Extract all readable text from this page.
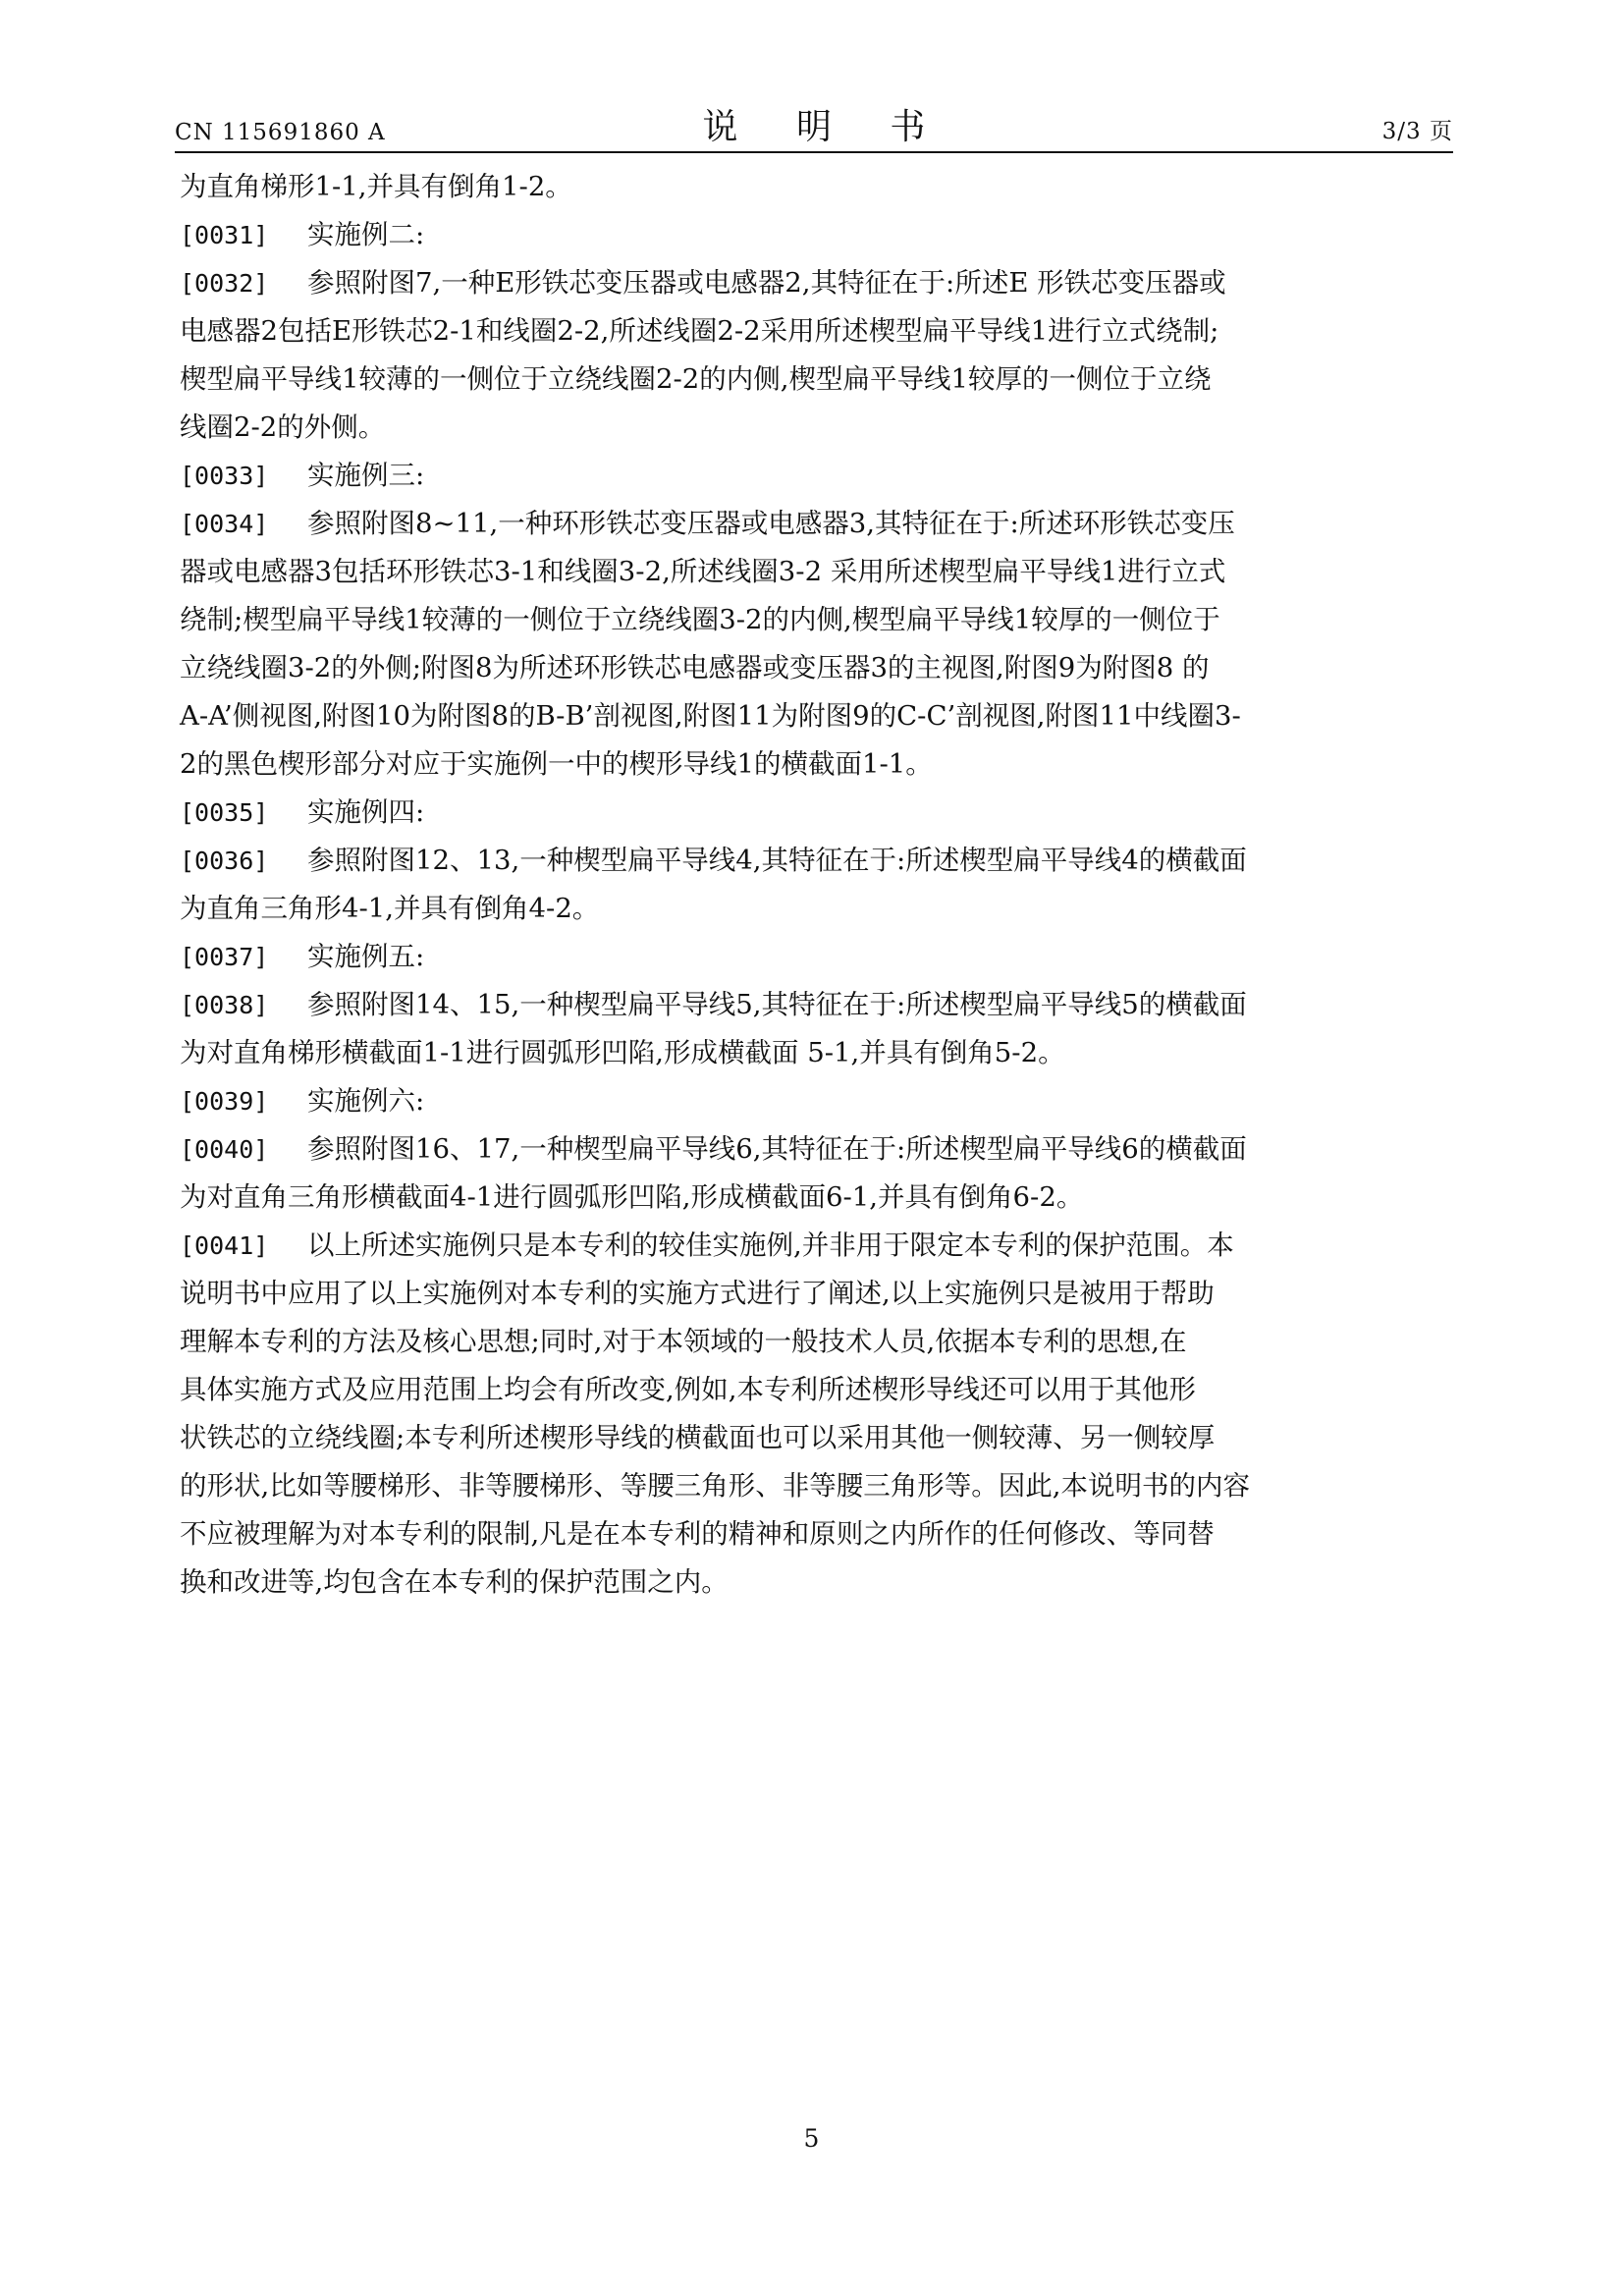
CN 115691860 A	说 明 书	3/3 页
为直角梯形1-1,并具有倒角1-2。
[0031] 实施例二:
[0032] 参照附图7,一种E形铁芯变压器或电感器2,其特征在于:所述E 形铁芯变压器或
电感器2包括E形铁芯2-1和线圈2-2,所述线圈2-2采用所述楔型扁平导线1进行立式绕制;
楔型扁平导线1较薄的一侧位于立绕线圈2-2的内侧,楔型扁平导线1较厚的一侧位于立绕
线圈2-2的外侧。
[0033] 实施例三:
[0034] 参照附图8~11,一种环形铁芯变压器或电感器3,其特征在于:所述环形铁芯变压
器或电感器3包括环形铁芯3-1和线圈3-2,所述线圈3-2 采用所述楔型扁平导线1进行立式
绕制;楔型扁平导线1较薄的一侧位于立绕线圈3-2的内侧,楔型扁平导线1较厚的一侧位于
立绕线圈3-2的外侧;附图8为所述环形铁芯电感器或变压器3的主视图,附图9为附图8 的
A-A’侧视图,附图10为附图8的B-B’剖视图,附图11为附图9的C-C’剖视图,附图11中线圈3-
2的黑色楔形部分对应于实施例一中的楔形导线1的横截面1-1。
[0035] 实施例四:
[0036] 参照附图12、13,一种楔型扁平导线4,其特征在于:所述楔型扁平导线4的横截面
为直角三角形4-1,并具有倒角4-2。
[0037] 实施例五:
[0038] 参照附图14、15,一种楔型扁平导线5,其特征在于:所述楔型扁平导线5的横截面
为对直角梯形横截面1-1进行圆弧形凹陷,形成横截面 5-1,并具有倒角5-2。
[0039] 实施例六:
[0040] 参照附图16、17,一种楔型扁平导线6,其特征在于:所述楔型扁平导线6的横截面
为对直角三角形横截面4-1进行圆弧形凹陷,形成横截面6-1,并具有倒角6-2。
[0041] 以上所述实施例只是本专利的较佳实施例,并非用于限定本专利的保护范围。本
说明书中应用了以上实施例对本专利的实施方式进行了阐述,以上实施例只是被用于帮助
理解本专利的方法及核心思想;同时,对于本领域的一般技术人员,依据本专利的思想,在
具体实施方式及应用范围上均会有所改变,例如,本专利所述楔形导线还可以用于其他形
状铁芯的立绕线圈;本专利所述楔形导线的横截面也可以采用其他一侧较薄、另一侧较厚
的形状,比如等腰梯形、非等腰梯形、等腰三角形、非等腰三角形等。因此,本说明书的内容
不应被理解为对本专利的限制,凡是在本专利的精神和原则之内所作的任何修改、等同替
换和改进等,均包含在本专利的保护范围之内。
5
